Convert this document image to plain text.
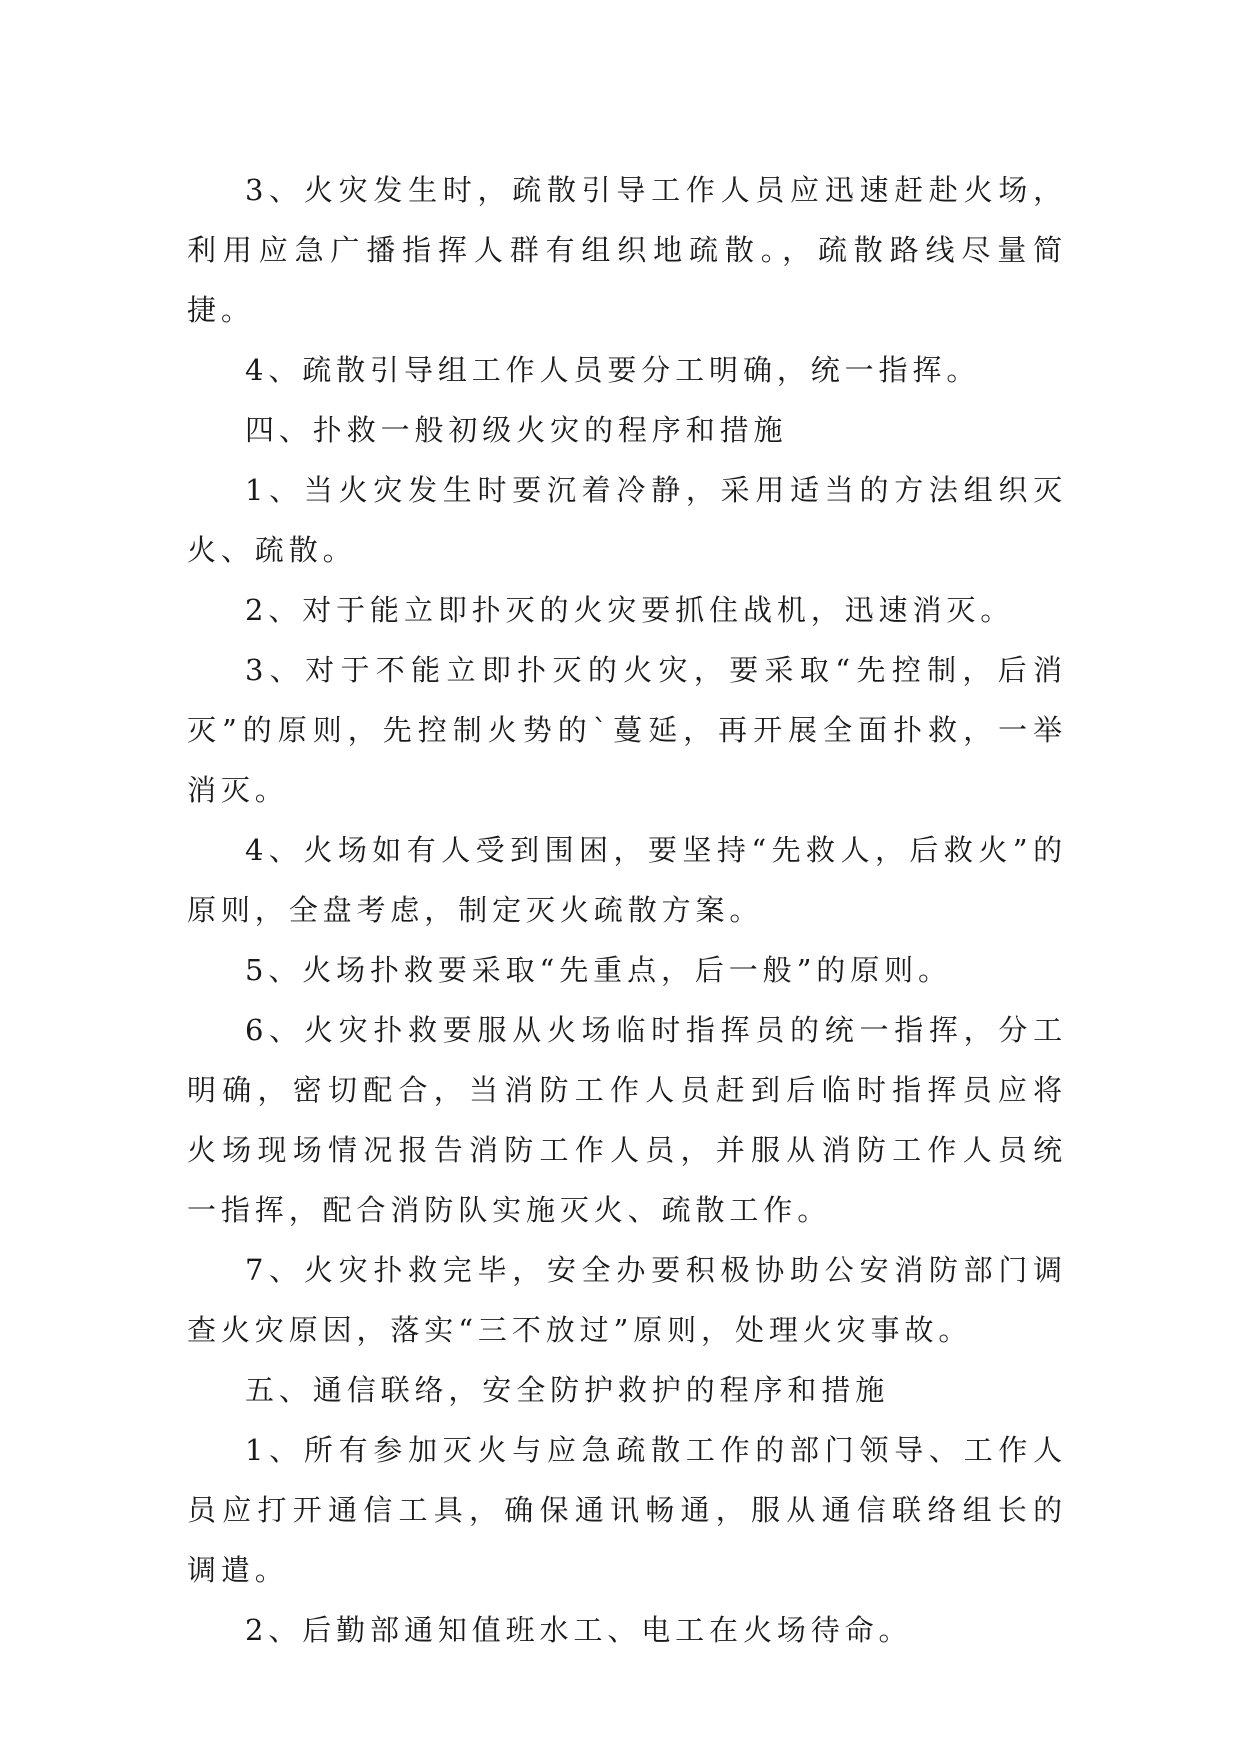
3、火灾发生时，疏散引导工作人员应迅速赶赴火场，利用应急广播指挥人群有组织地疏散。，疏散路线尽量简捷。

4、疏散引导组工作人员要分工明确，统一指挥。

四、扑救一般初级火灾的程序和措施

1、当火灾发生时要沉着冷静，采用适当的方法组织灭火、疏散。

2、对于能立即扑灭的火灾要抓住战机，迅速消灭。

3、对于不能立即扑灭的火灾，要采取“先控制，后消灭”的原则，先控制火势的`蔓延，再开展全面扑救，一举消灭。

4、火场如有人受到围困，要坚持“先救人，后救火”的原则，全盘考虑，制定灭火疏散方案。

5、火场扑救要采取“先重点，后一般”的原则。

6、火灾扑救要服从火场临时指挥员的统一指挥，分工明确，密切配合，当消防工作人员赶到后临时指挥员应将火场现场情况报告消防工作人员，并服从消防工作人员统一指挥，配合消防队实施灭火、疏散工作。

7、火灾扑救完毕，安全办要积极协助公安消防部门调查火灾原因，落实“三不放过”原则，处理火灾事故。

五、通信联络，安全防护救护的程序和措施

1、所有参加灭火与应急疏散工作的部门领导、工作人员应打开通信工具，确保通讯畅通，服从通信联络组长的调遣。

2、后勤部通知值班水工、电工在火场待命。
